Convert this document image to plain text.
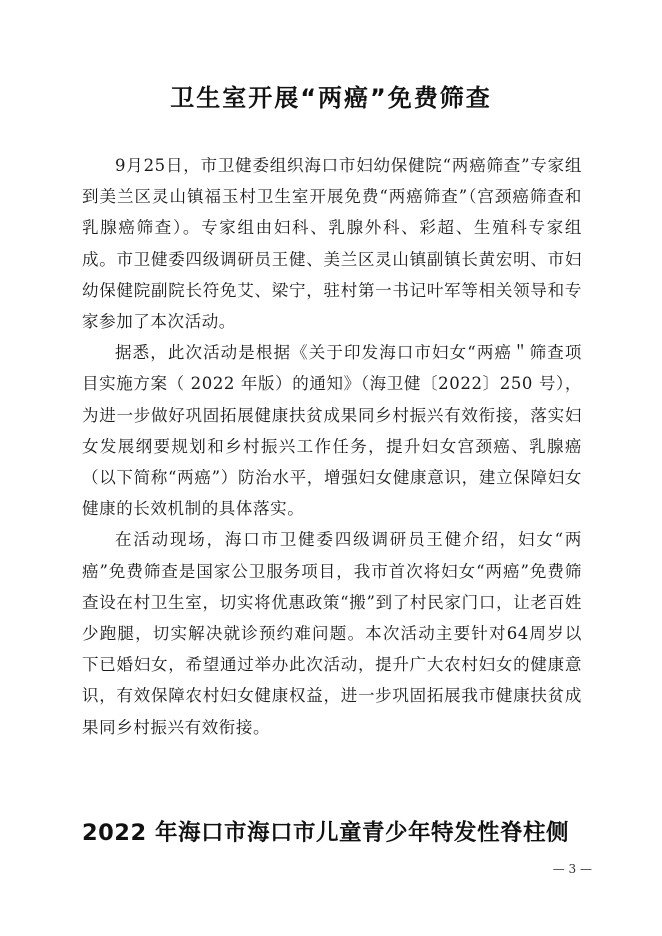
卫生室开展“两癌”免费筛查

9月25日，市卫健委组织海口市妇幼保健院“两癌筛查”专家组到美兰区灵山镇福玉村卫生室开展免费“两癌筛查”（宫颈癌筛查和乳腺癌筛查）。专家组由妇科、乳腺外科、彩超、生殖科专家组成。市卫健委四级调研员王健、美兰区灵山镇副镇长黄宏明、市妇幼保健院副院长符免艾、梁宁，驻村第一书记叶军等相关领导和专家参加了本次活动。

据悉，此次活动是根据《关于印发海口市妇女“两癌＂筛查项目实施方案（ 2022 年版）的通知》（海卫健〔2022〕250 号），为进一步做好巩固拓展健康扶贫成果同乡村振兴有效衔接，落实妇女发展纲要规划和乡村振兴工作任务，提升妇女宫颈癌、乳腺癌（以下简称“两癌”）防治水平，增强妇女健康意识，建立保障妇女健康的长效机制的具体落实。

在活动现场，海口市卫健委四级调研员王健介绍，妇女“两癌”免费筛查是国家公卫服务项目，我市首次将妇女“两癌”免费筛查设在村卫生室，切实将优惠政策“搬”到了村民家门口，让老百姓少跑腿，切实解决就诊预约难问题。本次活动主要针对64周岁以下已婚妇女，希望通过举办此次活动，提升广大农村妇女的健康意识，有效保障农村妇女健康权益，进一步巩固拓展我市健康扶贫成果同乡村振兴有效衔接。

2022 年海口市海口市儿童青少年特发性脊柱侧
— 3 —
